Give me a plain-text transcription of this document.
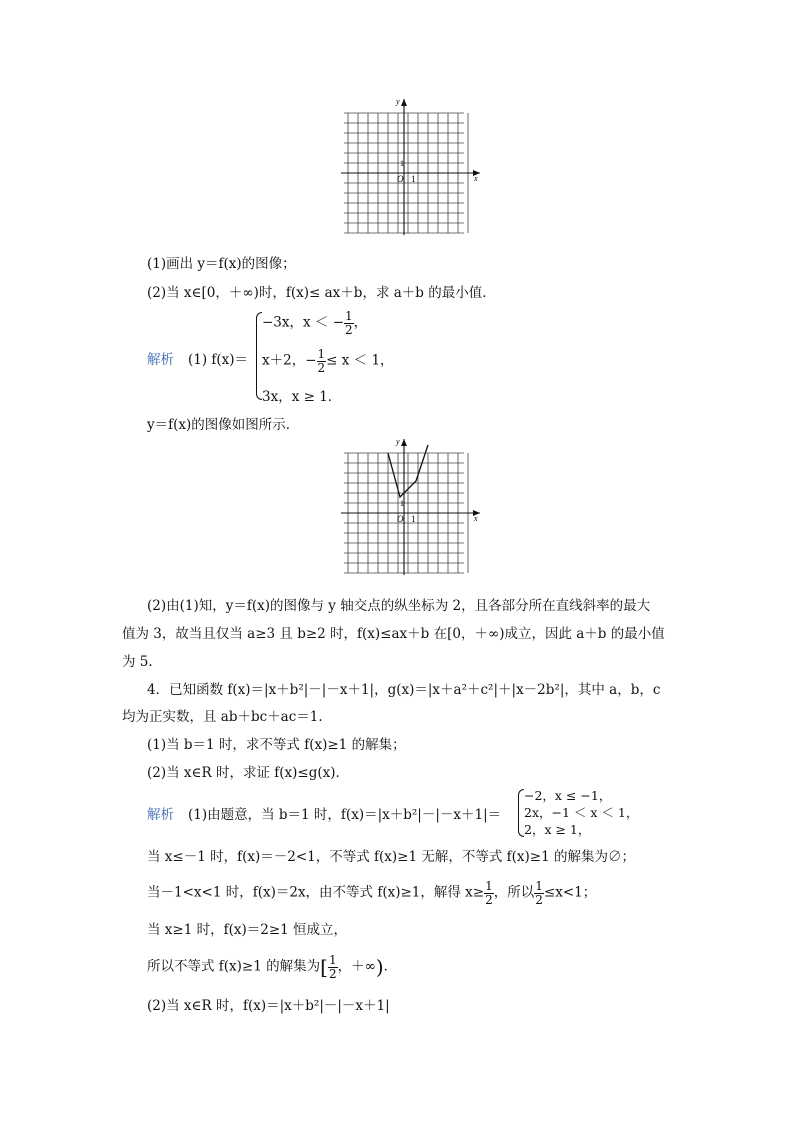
y
x
O 1
1
(1)画出 y＝f(x)的图像；
(2)当 x∈[0，＋∞)时，f(x)≤ ax＋b，求 a＋b 的最小值．
解析 (1) f(x)＝
−3x，x ＜ − $\frac{1}{2}$ ，
x＋2，− $\frac{1}{2} \le x < 1$，
3x，x ≥ 1．
y＝f(x)的图像如图所示．
y
x
O 1
1
(2)由(1)知，y＝f(x)的图像与 y 轴交点的纵坐标为 2，且各部分所在直线斜率的最大
值为 3，故当且仅当 a≥3 且 b≥2 时，f(x)≤ax＋b 在[0，＋∞)成立，因此 a＋b 的最小值
为 5.
4．已知函数 f(x)＝|x＋b²|－|－x＋1|，g(x)＝|x＋a²＋c²|＋|x－2b²|，其中 a，b，c
均为正实数，且 ab＋bc＋ac＝1.
(1)当 b＝1 时，求不等式 f(x)≥1 的解集；
(2)当 x∈R 时，求证 f(x)≤g(x)．
解析 (1)由题意，当 b＝1 时，f(x)＝|x＋b²|－|－x＋1|＝
−2，x ≤ −1，
2x，−1 ＜ x ＜ 1，
2，x ≥ 1，
当 x≤－1 时，f(x)＝－2<1，不等式 f(x)≥1 无解，不等式 f(x)≥1 的解集为∅；
当－1<x<1 时，f(x)＝2x，由不等式 f(x)≥1，解得 $x\ge \frac{1}{2}$ ，所以 $\frac{1}{2} \le x<1$；
当 x≥1 时，f(x)＝2≥1 恒成立，
所以不等式 f(x)≥1 的解集为[ $\frac{1}{2}$ ，＋∞)．
(2)当 x∈R 时，f(x)＝|x＋b²|－|－x＋1|
